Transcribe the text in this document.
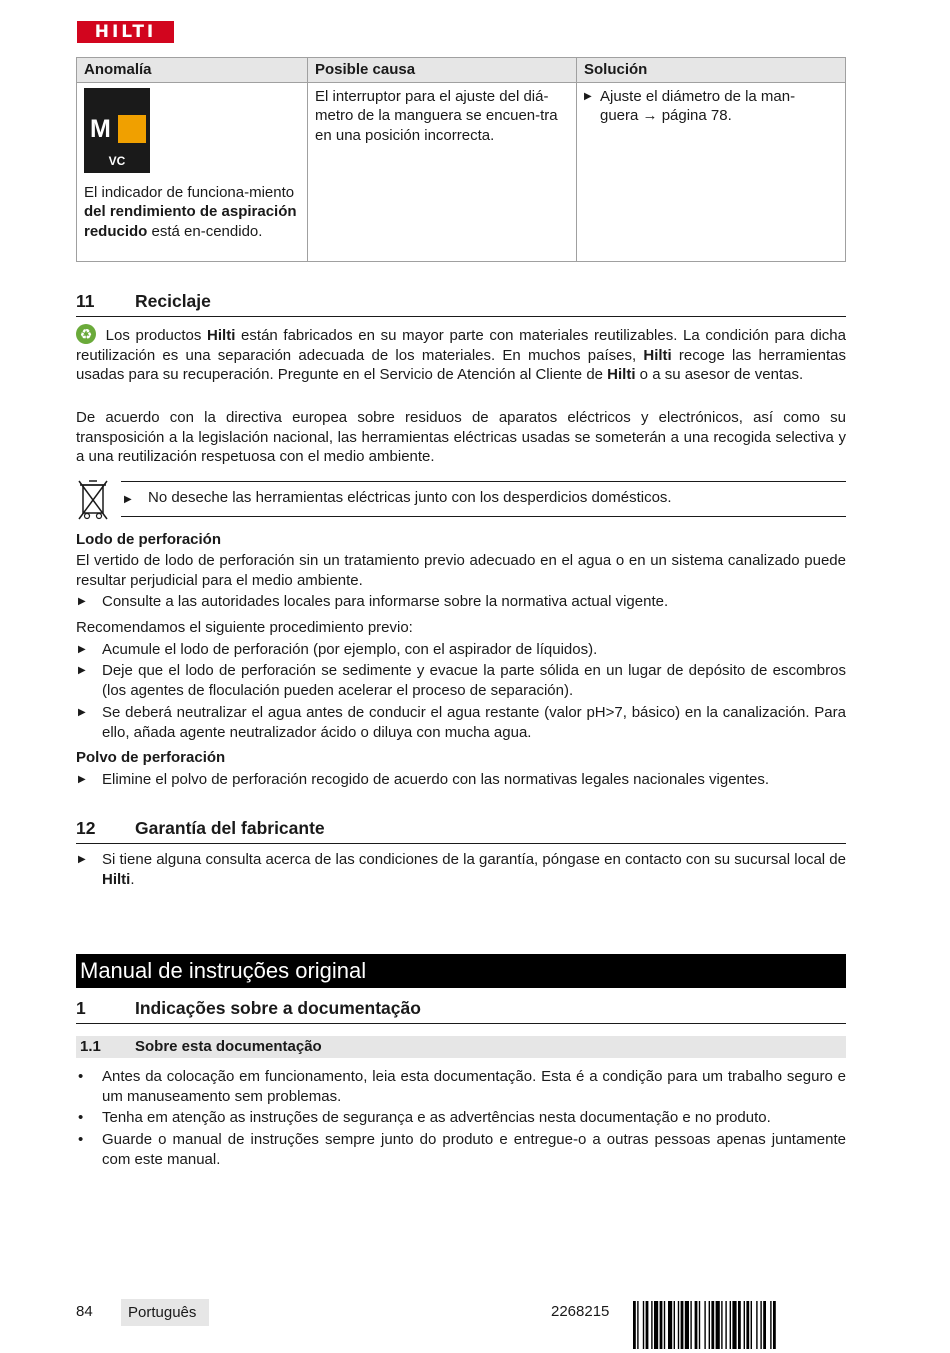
HILTI
Anomalía	Posible causa	Solución

M
VC
El indicador de funciona-miento del rendimiento de aspiración reducido está en-cendido.	El interruptor para el ajuste del diá-metro de la manguera se encuen-tra en una posición incorrecta.	▶ Ajuste el diámetro de la man-guera → página 78.
11 Reciclaje

♻ Los productos Hilti están fabricados en su mayor parte con materiales reutilizables. La condición para dicha reutilización es una separación adecuada de los materiales. En muchos países, Hilti recoge las herramientas usadas para su recuperación. Pregunte en el Servicio de Atención al Cliente de Hilti o a su asesor de ventas.

De acuerdo con la directiva europea sobre residuos de aparatos eléctricos y electrónicos, así como su transposición a la legislación nacional, las herramientas eléctricas usadas se someterán a una recogida selectiva y a una reutilización respetuosa con el medio ambiente.

▶ No deseche las herramientas eléctricas junto con los desperdicios domésticos.
Lodo de perforación

El vertido de lodo de perforación sin un tratamiento previo adecuado en el agua o en un sistema canalizado puede resultar perjudicial para el medio ambiente.

▶ Consulte a las autoridades locales para informarse sobre la normativa actual vigente.

Recomendamos el siguiente procedimiento previo:

▶ Acumule el lodo de perforación (por ejemplo, con el aspirador de líquidos).
▶ Deje que el lodo de perforación se sedimente y evacue la parte sólida en un lugar de depósito de escombros (los agentes de floculación pueden acelerar el proceso de separación).
▶ Se deberá neutralizar el agua antes de conducir el agua restante (valor pH>7, básico) en la canalización. Para ello, añada agente neutralizador ácido o diluya con mucha agua.
Polvo de perforación
▶ Elimine el polvo de perforación recogido de acuerdo con las normativas legales nacionales vigentes.
12 Garantía del fabricante
▶ Si tiene alguna consulta acerca de las condiciones de la garantía, póngase en contacto con su sucursal local de Hilti.
Manual de instruções original
1	Indicações sobre a documentação
1.1 Sobre esta documentação
• Antes da colocação em funcionamento, leia esta documentação. Esta é a condição para um trabalho seguro e um manuseamento sem problemas.
• Tenha em atenção as instruções de segurança e as advertências nesta documentação e no produto.
• Guarde o manual de instruções sempre junto do produto e entregue-o a outras pessoas apenas juntamente com este manual.
84	Português	2268215
